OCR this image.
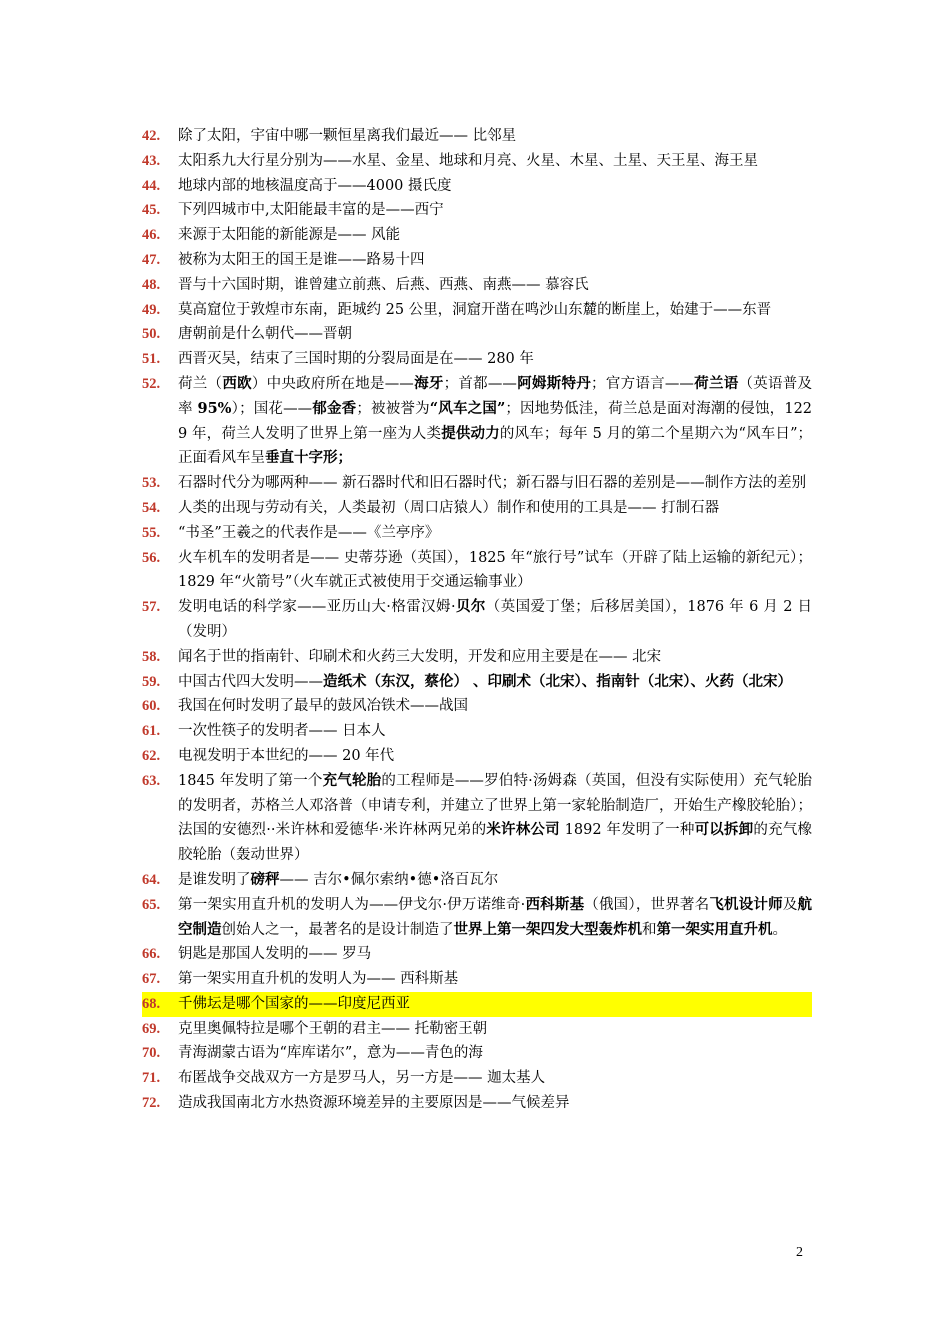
42.	除了太阳，宇宙中哪一颗恒星离我们最近—— 比邻星
43.	太阳系九大行星分别为——水星、金星、地球和月亮、火星、木星、土星、天王星、海王星
44.	地球内部的地核温度高于——4000 摄氏度
45.	下列四城市中,太阳能最丰富的是——西宁
46.	来源于太阳能的新能源是—— 风能
47.	被称为太阳王的国王是谁——路易十四
48.	晋与十六国时期，谁曾建立前燕、后燕、西燕、南燕—— 慕容氏
49.	莫高窟位于敦煌市东南，距城约 25 公里，洞窟开凿在鸣沙山东麓的断崖上，始建于——东晋
50.	唐朝前是什么朝代——晋朝
51.	西晋灭吴，结束了三国时期的分裂局面是在—— 280 年
52.	荷兰（西欧）中央政府所在地是——海牙；首都——阿姆斯特丹；官方语言——荷兰语（英语普及率 95%）；国花——郁金香；被被誉为“风车之国”；因地势低洼，荷兰总是面对海潮的侵蚀，1229 年，荷兰人发明了世界上第一座为人类提供动力的风车；每年 5 月的第二个星期六为“风车日”；正面看风车呈垂直十字形；
53.	石器时代分为哪两种—— 新石器时代和旧石器时代；新石器与旧石器的差别是——制作方法的差别
54.	人类的出现与劳动有关，人类最初（周口店猿人）制作和使用的工具是—— 打制石器
55.	“书圣”王羲之的代表作是——《兰亭序》
56.	火车机车的发明者是—— 史蒂芬逊（英国），1825 年“旅行号”试车（开辟了陆上运输的新纪元）； 1829 年“火箭号”（火车就正式被使用于交通运输事业）
57.	发明电话的科学家——亚历山大·格雷汉姆·贝尔（英国爱丁堡；后移居美国），1876 年 6 月 2 日（发明）
58.	闻名于世的指南针、印刷术和火药三大发明，开发和应用主要是在—— 北宋
59.	中国古代四大发明——造纸术（东汉，蔡伦） 、印刷术（北宋）、指南针（北宋）、火药（北宋）
60.	我国在何时发明了最早的鼓风冶铁术——战国
61.	一次性筷子的发明者—— 日本人
62.	电视发明于本世纪的—— 20 年代
63.	1845 年发明了第一个充气轮胎的工程师是——罗伯特·汤姆森（英国，但没有实际使用）充气轮胎的发明者，苏格兰人邓洛普（申请专利，并建立了世界上第一家轮胎制造厂，开始生产橡胶轮胎）；法国的安德烈··米许林和爱德华·米许林两兄弟的米许林公司 1892 年发明了一种可以拆卸的充气橡胶轮胎（轰动世界）
64.	是谁发明了磅秤—— 吉尔•佩尔索纳•德•洛百瓦尔
65.	第一架实用直升机的发明人为——伊戈尔·伊万诺维奇·西科斯基（俄国），世界著名飞机设计师及航空制造创始人之一，最著名的是设计制造了世界上第一架四发大型轰炸机和第一架实用直升机。
66.	钥匙是那国人发明的—— 罗马
67.	第一架实用直升机的发明人为—— 西科斯基
68.	千佛坛是哪个国家的——印度尼西亚
69.	克里奥佩特拉是哪个王朝的君主—— 托勒密王朝
70.	青海湖蒙古语为“库库诺尔”，意为——青色的海
71.	布匿战争交战双方一方是罗马人，另一方是—— 迦太基人
72.	造成我国南北方水热资源环境差异的主要原因是——气候差异
2
